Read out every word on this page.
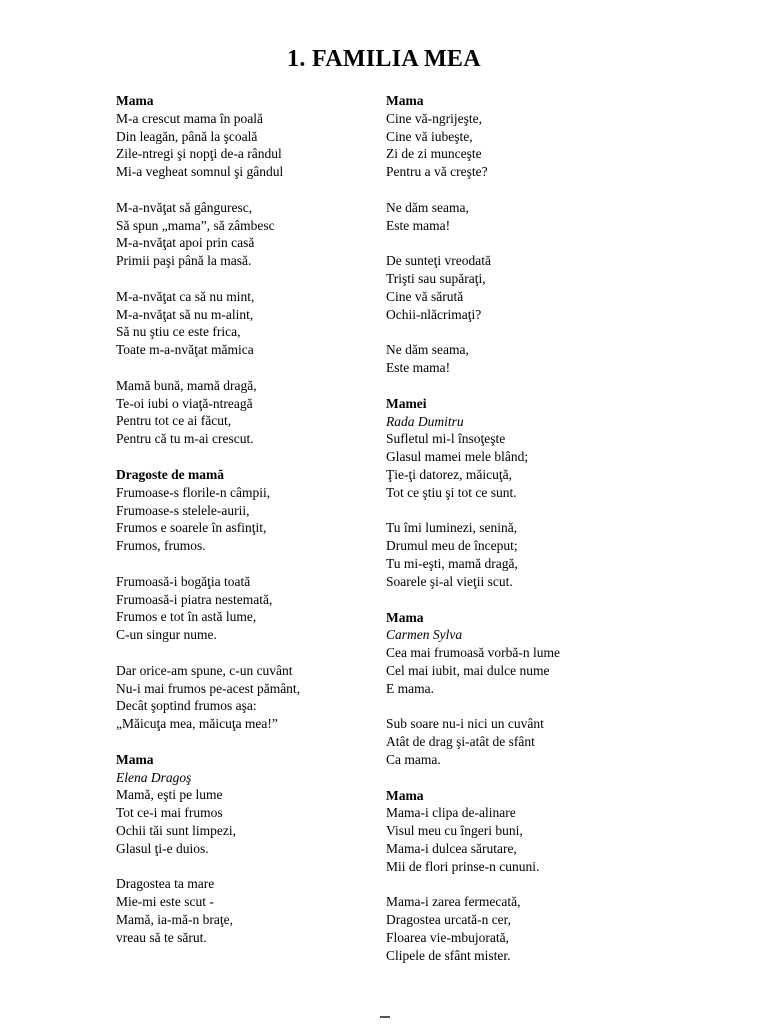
1. FAMILIA MEA
Mama
M-a crescut mama în poală
Din leagăn, până la şcoală
Zile-ntregi şi nopţi de-a rândul
Mi-a vegheat somnul şi gândul
M-a-nvăţat să gânguresc,
Să spun „mama”, să zâmbesc
M-a-nvăţat apoi prin casă
Primii paşi până la masă.
M-a-nvăţat ca să nu mint,
M-a-nvăţat să nu m-alint,
Să nu ştiu ce este frica,
Toate m-a-nvăţat mămica
Mamă bună, mamă dragă,
Te-oi iubi o viaţă-ntreagă
Pentru tot ce ai făcut,
Pentru că tu m-ai crescut.
Dragoste de mamă
Frumoase-s florile-n câmpii,
Frumoase-s stelele-aurii,
Frumos e soarele în asfinţit,
Frumos, frumos.
Frumoasă-i bogăţia toată
Frumoasă-i piatra nestemată,
Frumos e tot în astă lume,
C-un singur nume.
Dar orice-am spune, c-un cuvânt
Nu-i mai frumos pe-acest pământ,
Decât şoptind frumos aşa:
„Măicuţa mea, măicuţa mea!”
Mama
Elena Dragoş
Mamă, eşti pe lume
Tot ce-i mai frumos
Ochii tăi sunt limpezi,
Glasul ţi-e duios.
Dragostea ta mare
Mie-mi este scut -
Mamă, ia-mă-n braţe,
vreau să te sărut.
Mama
Cine vă-ngrijeşte,
Cine vă iubeşte,
Zi de zi munceşte
Pentru a vă creşte?
Ne dăm seama,
Este mama!
De sunteţi vreodată
Trişti sau supăraţi,
Cine vă sărută
Ochii-nlăcrimaţi?
Ne dăm seama,
Este mama!
Mamei
Rada Dumitru
Sufletul mi-l însoţeşte
Glasul mamei mele blând;
Ţie-ţi datorez, măicuţă,
Tot ce ştiu şi tot ce sunt.
Tu îmi luminezi, senină,
Drumul meu de început;
Tu mi-eşti, mamă dragă,
Soarele şi-al vieţii scut.
Mama
Carmen Sylva
Cea mai frumoasă vorbă-n lume
Cel mai iubit, mai dulce nume
E mama.
Sub soare nu-i nici un cuvânt
Atât de drag şi-atât de sfânt
Ca mama.
Mama
Mama-i clipa de-alinare
Visul meu cu îngeri buni,
Mama-i dulcea sărutare,
Mii de flori prinse-n cununi.
Mama-i zarea fermecată,
Dragostea urcată-n cer,
Floarea vie-mbujorată,
Clipele de sfânt mister.
